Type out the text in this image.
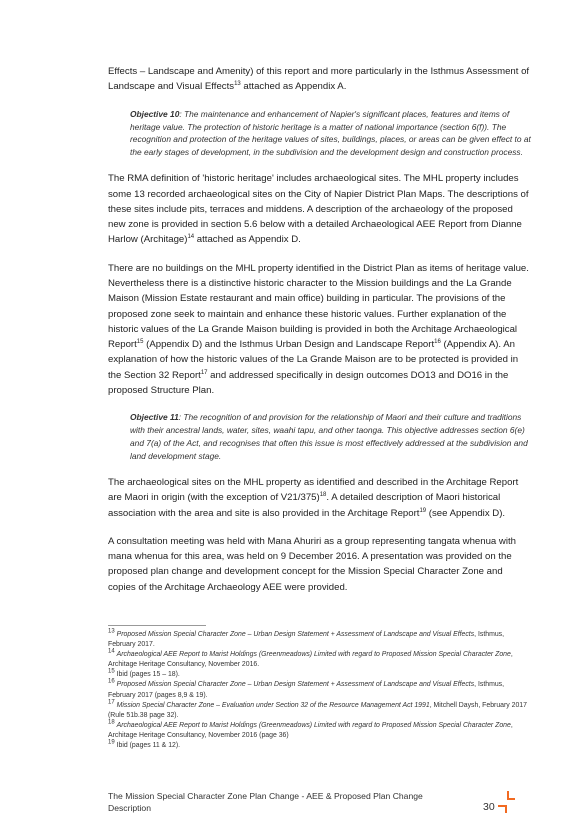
Effects – Landscape and Amenity) of this report and more particularly in the Isthmus Assessment of Landscape and Visual Effects$^{13}$ attached as Appendix A.

Objective 10: The maintenance and enhancement of Napier's significant places, features and items of heritage value. The protection of historic heritage is a matter of national importance (section 6(f)). The recognition and protection of the heritage values of sites, buildings, places, or areas can be given effect to at the early stages of development, in the subdivision and the development design and construction process.

The RMA definition of 'historic heritage' includes archaeological sites. The MHL property includes some 13 recorded archaeological sites on the City of Napier District Plan Maps. The descriptions of these sites include pits, terraces and middens. A description of the archaeology of the proposed new zone is provided in section 5.6 below with a detailed Archaeological AEE Report from Dianne Harlow (Architage)$^{14}$ attached as Appendix D.

There are no buildings on the MHL property identified in the District Plan as items of heritage value. Nevertheless there is a distinctive historic character to the Mission buildings and the La Grande Maison (Mission Estate restaurant and main office) building in particular. The provisions of the proposed zone seek to maintain and enhance these historic values. Further explanation of the historic values of the La Grande Maison building is provided in both the Architage Archaeological Report$^{15}$ (Appendix D) and the Isthmus Urban Design and Landscape Report$^{16}$ (Appendix A). An explanation of how the historic values of the La Grande Maison are to be protected is provided in the Section 32 Report$^{17}$ and addressed specifically in design outcomes DO13 and DO16 in the proposed Structure Plan.

Objective 11: The recognition of and provision for the relationship of Maori and their culture and traditions with their ancestral lands, water, sites, waahi tapu, and other taonga. This objective addresses section 6(e) and 7(a) of the Act, and recognises that often this issue is most effectively addressed at the subdivision and land development stage.

The archaeological sites on the MHL property as identified and described in the Architage Report are Maori in origin (with the exception of V21/375)$^{18}$. A detailed description of Maori historical association with the area and site is also provided in the Architage Report$^{19}$ (see Appendix D).

A consultation meeting was held with Mana Ahuriri as a group representing tangata whenua with mana whenua for this area, was held on 9 December 2016. A presentation was provided on the proposed plan change and development concept for the Mission Special Character Zone and copies of the Architage Archaeology AEE were provided.

$^{13}$ Proposed Mission Special Character Zone – Urban Design Statement + Assessment of Landscape and Visual Effects, Isthmus, February 2017.

$^{14}$ Archaeological AEE Report to Marist Holdings (Greenmeadows) Limited with regard to Proposed Mission Special Character Zone, Architage Heritage Consultancy, November 2016.

$^{15}$ Ibid (pages 15 – 18).

$^{16}$ Proposed Mission Special Character Zone – Urban Design Statement + Assessment of Landscape and Visual Effects, Isthmus, February 2017 (pages 8,9 & 19).

$^{17}$ Mission Special Character Zone – Evaluation under Section 32 of the Resource Management Act 1991, Mitchell Daysh, February 2017 (Rule 51b.38 page 32).

$^{18}$ Archaeological AEE Report to Marist Holdings (Greenmeadows) Limited with regard to Proposed Mission Special Character Zone, Architage Heritage Consultancy, November 2016 (page 36)

$^{19}$ Ibid (pages 11 & 12).

The Mission Special Character Zone Plan Change - AEE & Proposed Plan Change Description	30
